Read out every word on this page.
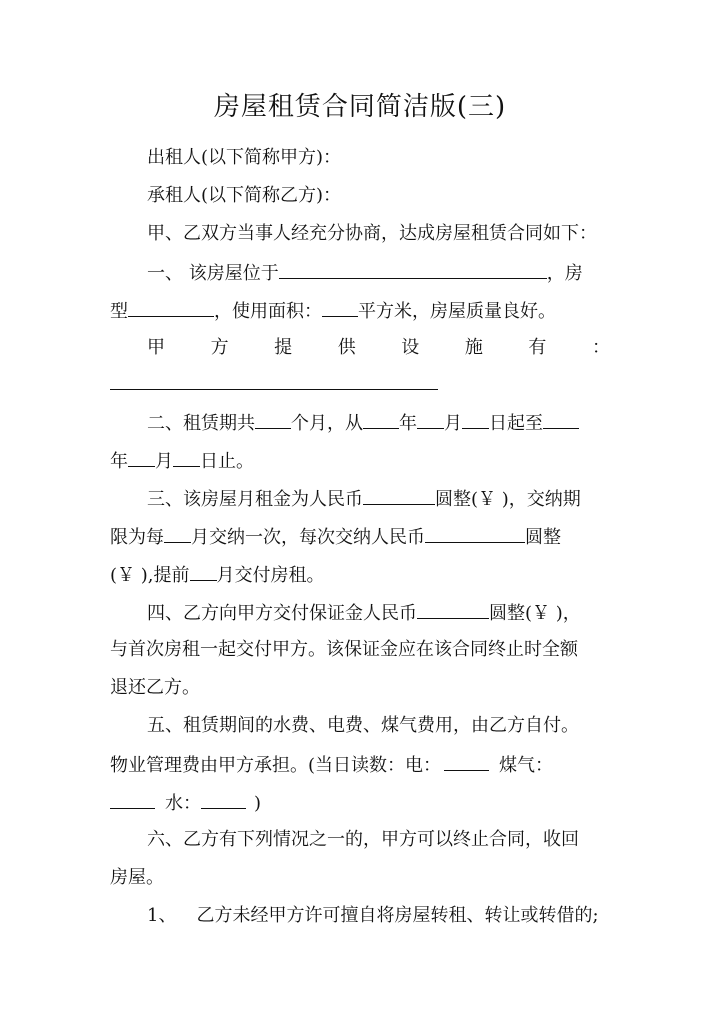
房屋租赁合同简洁版(三)
出租人(以下简称甲方)：
承租人(以下简称乙方)：
甲、乙双方当事人经充分协商，达成房屋租赁合同如下：
一、 该房屋位于	，房
型	，使用面积： 平方米，房屋质量良好。
甲	方	提	供	设	施	有	：
二、租赁期共 个月，从 年 月 日起至
年 月 日止。
三、该房屋月租金为人民币	圆整(￥ )，交纳期
限为每 月交纳一次，每次交纳人民币	圆整
(￥ ),提前 月交付房租。
四、乙方向甲方交付保证金人民币	圆整(￥ )，
与首次房租一起交付甲方。该保证金应在该合同终止时全额
退还乙方。
五、租赁期间的水费、电费、煤气费用，由乙方自付。
物业管理费由甲方承担。(当日读数：电：	煤气：
水：	)
六、乙方有下列情况之一的，甲方可以终止合同，收回
房屋。
1、 乙方未经甲方许可擅自将房屋转租、转让或转借的;
